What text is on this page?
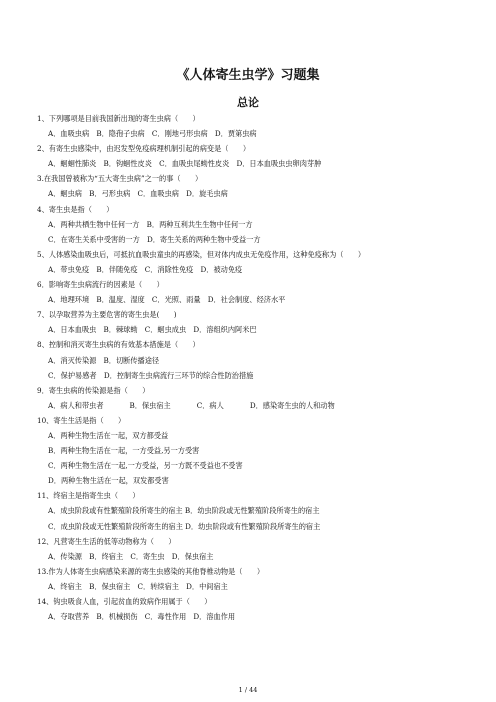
《人体寄生虫学》习题集
总论
1、下列哪项是目前我国新出现的寄生虫病（　　）
A．血吸虫病　B．隐孢子虫病　C．刚地弓形虫病　D．贾第虫病
2、有寄生虫感染中，由迟发型免疫病理机制引起的病变是（　　）
A．蛔蛔性肺炎　B．钩蛔性皮炎　C．血吸虫尾蚴性皮炎　D．日本血吸虫虫卵肉芽肿
3.在我国曾被称为“五大寄生虫病”之一的事（　　）
A．蛔虫病　B．弓形虫病　C．血吸虫病　D．旋毛虫病
4、寄生虫是指（　　）
A．两种共栖生物中任何一方　B．两种互利共生生物中任何一方
C．在寄生关系中受害的一方　D．寄生关系的两种生物中受益一方
5、人体感染血吸虫后，可抵抗血吸虫童虫的再感染，但对体内成虫无免疫作用，这种免疫称为（　　）
A．带虫免疫　B．伴随免疫　C．消除性免疫　D．被动免疫
6．影响寄生虫病流行的因素是（　　）
A．地理环境　B．温度、湿度　C．光照、雨量　D．社会制度、经济水平
7、以孕取营养为主要危害的寄生虫是(　　)
A．日本血吸虫　B．棘球蚴　C．蛔虫成虫　D．溶组织内阿米巴
8、控制和消灭寄生虫病的有效基本措施是（　　）
A．消灭传染源　B．切断传播途径
C．保护易感者　D．控制寄生虫病流行三环节的综合性防治措施
9．寄生虫病的传染源是指（　　）
A．病人和带虫者	B．保虫宿主	C．病人	D．感染寄生虫的人和动物
10、寄生生活是指（　　）
A．两种生物生活在一起，双方都受益
B．两种生物生活在一起，一方受益,另一方受害
C．两种生物生活在一起,一方受益，另一方既不受益也不受害
D．两种生物生活在一起，双发都受害
11、终宿主是指寄生虫（　　）
A．成虫阶段或有性繁殖阶段所寄生的宿主 B．幼虫阶段或无性繁殖阶段所寄生的宿主
C．成虫阶段或无性繁殖阶段所寄生的宿主 D．幼虫阶段或有性繁殖阶段所寄生的宿主
12、凡营寄生生活的低等动物称为（　　）
A．传染源　B．终宿主　C．寄生虫　D．保虫宿主
13.作为人体寄生虫病感染来源的寄生虫感染的其他脊椎动物是（　　）
A．终宿主　B．保虫宿主　C．转续宿主　D．中间宿主
14、钩虫吸食人血，引起贫血的致病作用属于（　　）
A．夺取营养　B．机械损伤　C．毒性作用　D．溶血作用
1 / 44
